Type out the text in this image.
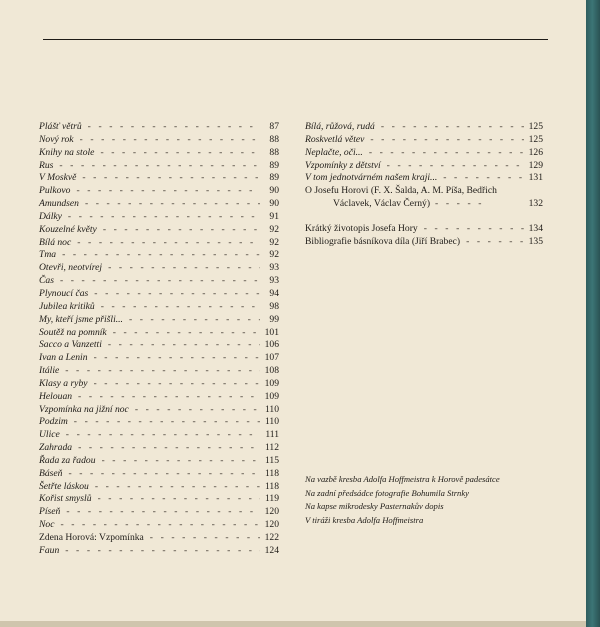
Plášť větrů - - -	87
Nový rok - - -	88
Knihy na stole - - -	88
Rus - - -	89
V Moskvě - - -	89
Pulkovo - - -	90
Amundsen - - -	90
Dálky - - -	91
Kouzelné květy - - -	92
Bílá noc - - -	92
Tma - - -	92
Otevři, neotvírej - - -	93
Čas - - -	93
Plynoucí čas - - -	94
Jubilea kritiků - - -	98
My, kteří jsme přišli... - - -	99
Soutěž na pomník - - -	101
Sacco a Vanzetti - - -	106
Ivan a Lenin - - -	107
Itálie - - -	108
Klasy a ryby - - -	109
Helouan - - -	109
Vzpomínka na jižní noc - - -	110
Podzim - - -	110
Ulice - - -	111
Zahrada - - -	112
Řada za řadou - - -	115
Báseň - - -	118
Šetřte láskou - - -	118
Kořist smyslů - - -	119
Píseň - - -	120
Noc - - -	120
Zdena Horová: Vzpomínka - - -	122
Faun - - -	124
Bílá, růžová, rudá - - -	125
Roskvetlá větev - - -	125
Neplačte, oči... - - -	126
Vzpomínky z dětství - - -	129
V tom jednotvárném našem kraji... - - -	131
O Josefu Horovi (F. X. Šalda, A. M. Píša, Bedřich
Václavek, Václav Černý) - - - - -	132
Krátký životopis Josefa Hory - - -	134
Bibliografie básníkova díla (Jiří Brabec) - - -	135
Na vazbě kresba Adolfa Hoffmeistra k Horově padesátce
Na zadní předsádce fotografie Bohumila Strnky
Na kapse mikrodesky Pasternakův dopis
V tiráži kresba Adolfa Hoffmeistra
